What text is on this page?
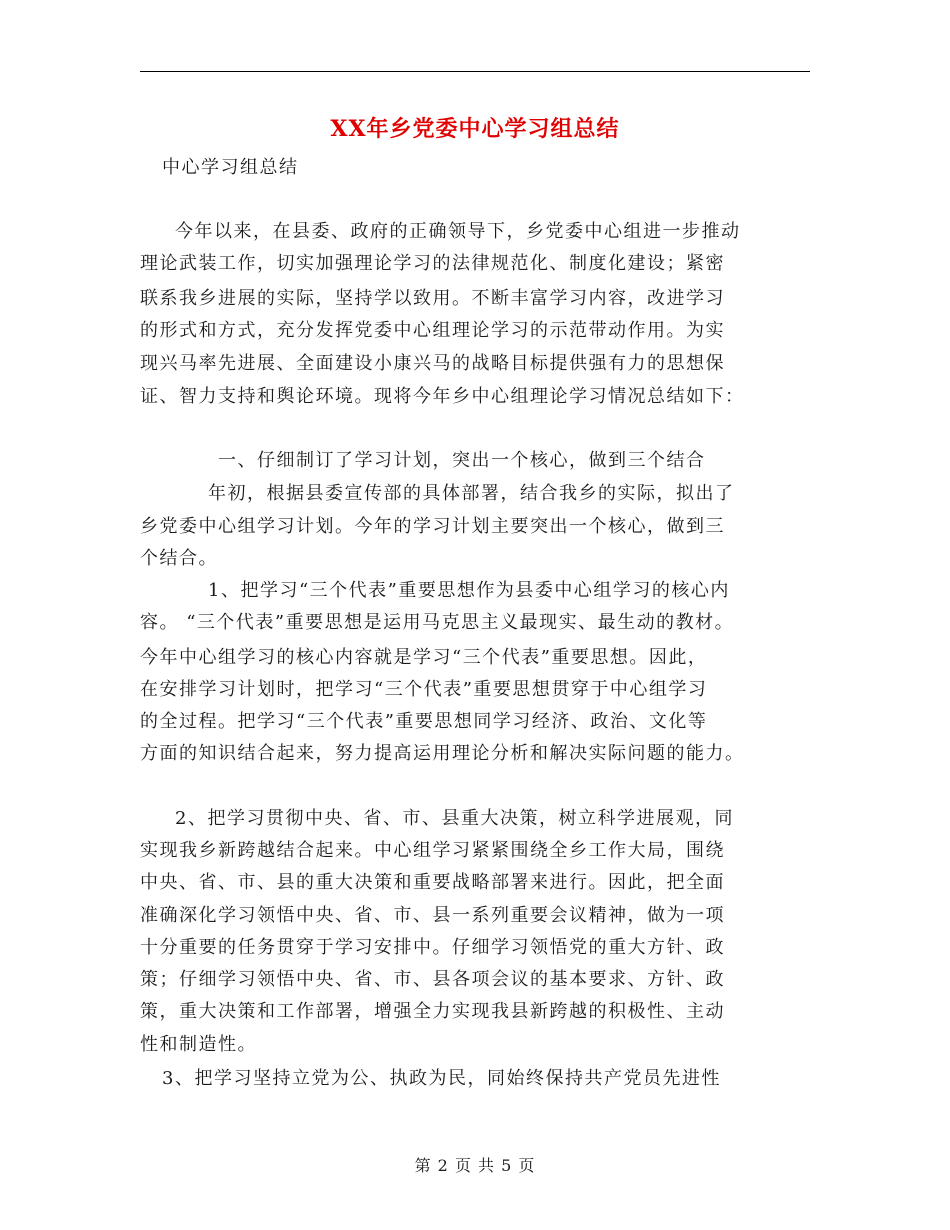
XX年乡党委中心学习组总结
中心学习组总结
今年以来，在县委、政府的正确领导下，乡党委中心组进一步推动
理论武装工作，切实加强理论学习的法律规范化、制度化建设；紧密
联系我乡进展的实际，坚持学以致用。不断丰富学习内容，改进学习
的形式和方式，充分发挥党委中心组理论学习的示范带动作用。为实
现兴马率先进展、全面建设小康兴马的战略目标提供强有力的思想保
证、智力支持和舆论环境。现将今年乡中心组理论学习情况总结如下：
一、仔细制订了学习计划，突出一个核心，做到三个结合
年初，根据县委宣传部的具体部署，结合我乡的实际，拟出了
乡党委中心组学习计划。今年的学习计划主要突出一个核心，做到三
个结合。
1、把学习“三个代表”重要思想作为县委中心组学习的核心内
容。 “三个代表”重要思想是运用马克思主义最现实、最生动的教材。
今年中心组学习的核心内容就是学习“三个代表”重要思想。因此，
在安排学习计划时，把学习“三个代表”重要思想贯穿于中心组学习
的全过程。把学习“三个代表”重要思想同学习经济、政治、文化等
方面的知识结合起来，努力提高运用理论分析和解决实际问题的能力。
2、把学习贯彻中央、省、市、县重大决策，树立科学进展观，同
实现我乡新跨越结合起来。中心组学习紧紧围绕全乡工作大局，围绕
中央、省、市、县的重大决策和重要战略部署来进行。因此，把全面
准确深化学习领悟中央、省、市、县一系列重要会议精神，做为一项
十分重要的任务贯穿于学习安排中。仔细学习领悟党的重大方针、政
策；仔细学习领悟中央、省、市、县各项会议的基本要求、方针、政
策，重大决策和工作部署，增强全力实现我县新跨越的积极性、主动
性和制造性。
3、把学习坚持立党为公、执政为民，同始终保持共产党员先进性
第 2 页 共 5 页
